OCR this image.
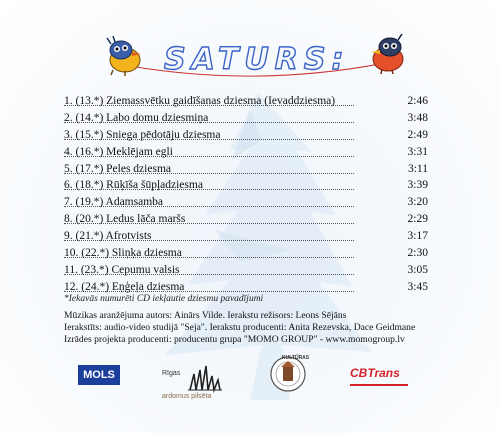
SATURS:
1. (13.*) Ziemassvētku gaidīšanas dziesma (Ievaddziesma)	2:46
2. (14.*) Labo domu dziesmiņa	3:48
3. (15.*) Sniega pēdotāju dziesma	2:49
4. (16.*) Meklējam egli	3:31
5. (17.*) Peles dziesma	3:11
6. (18.*) Rūķīša šūpļadziesma	3:39
7. (19.*) Adamsamba	3:20
8. (20.*) Ledus lāča maršs	2:29
9. (21.*) Afrotvists	3:17
10. (22.*) Sliņķa dziesma	2:30
11. (23.*) Cepumu valsis	3:05
12. (24.*) Eņģeļa dziesma	3:45
*Iekavās numurēti CD iekļautie dziesmu pavadījumi
Mūzikas aranžējuma autors: Ainārs Vilde. Ierakstu režisors: Leons Sējāns
Ierakstīts: audio-video studijā "Seja". Ierakstu producenti: Anita Rezevska, Dace Geidmane
Izrādes projekta producenti: producentu grupa "MOMO GROUP" - www.momogroup.lv
MOLS	Rīgas
ardomus pilsēta
KULTŪRAS
CBTrans
